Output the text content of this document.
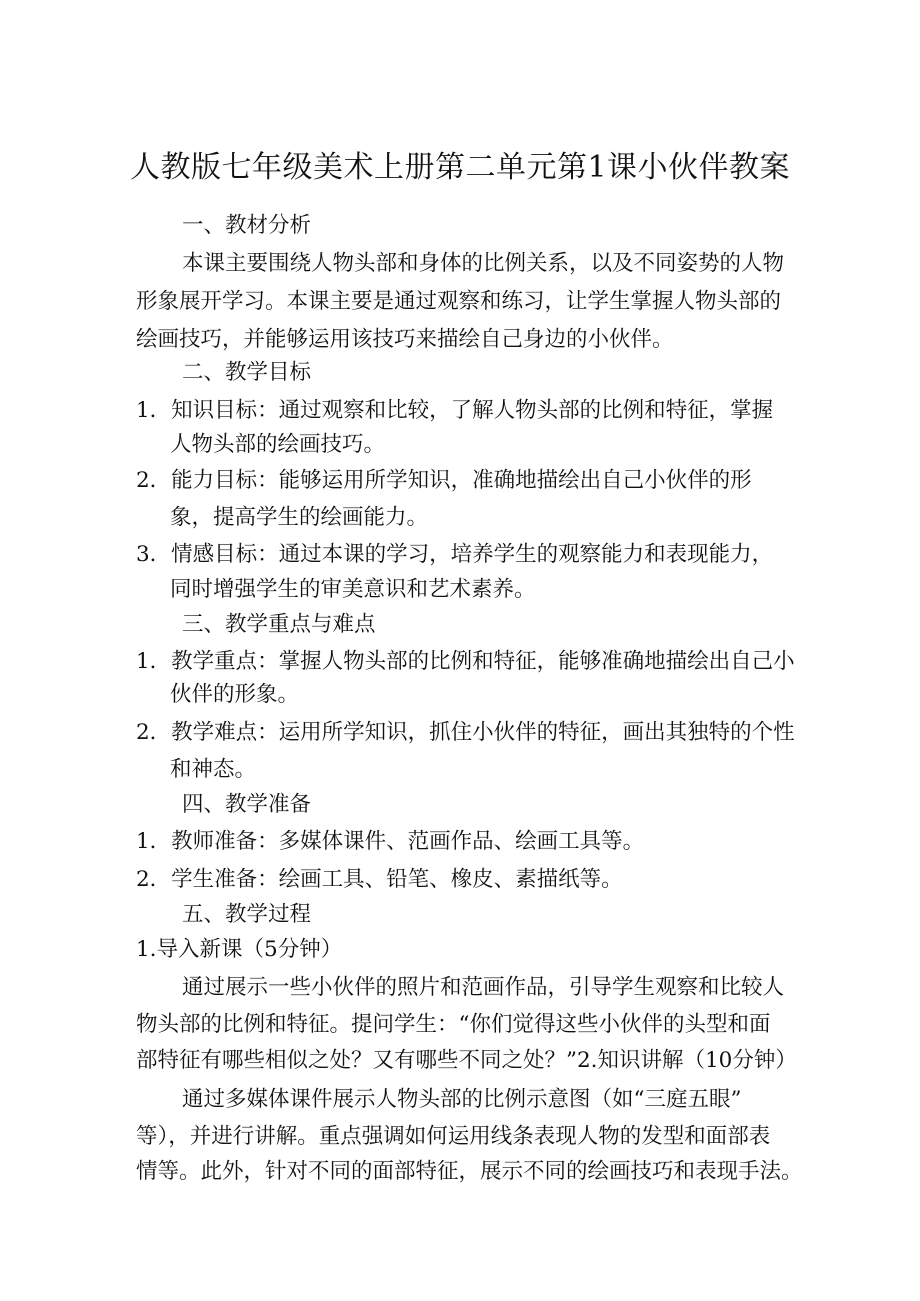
人教版七年级美术上册第二单元第1课小伙伴教案
一、教材分析
本课主要围绕人物头部和身体的比例关系，以及不同姿势的人物
形象展开学习。本课主要是通过观察和练习，让学生掌握人物头部的
绘画技巧，并能够运用该技巧来描绘自己身边的小伙伴。
二、教学目标
1．知识目标：通过观察和比较，了解人物头部的比例和特征，掌握
人物头部的绘画技巧。
2．能力目标：能够运用所学知识，准确地描绘出自己小伙伴的形
象，提高学生的绘画能力。
3．情感目标：通过本课的学习，培养学生的观察能力和表现能力，
同时增强学生的审美意识和艺术素养。
三、教学重点与难点
1．教学重点：掌握人物头部的比例和特征，能够准确地描绘出自己小
伙伴的形象。
2．教学难点：运用所学知识，抓住小伙伴的特征，画出其独特的个性
和神态。
四、教学准备
1．教师准备：多媒体课件、范画作品、绘画工具等。
2．学生准备：绘画工具、铅笔、橡皮、素描纸等。
五、教学过程
1.导入新课（5分钟）
通过展示一些小伙伴的照片和范画作品，引导学生观察和比较人
物头部的比例和特征。提问学生：“你们觉得这些小伙伴的头型和面
部特征有哪些相似之处？又有哪些不同之处？”2.知识讲解（10分钟）
通过多媒体课件展示人物头部的比例示意图（如“三庭五眼”
等），并进行讲解。重点强调如何运用线条表现人物的发型和面部表
情等。此外，针对不同的面部特征，展示不同的绘画技巧和表现手法。
